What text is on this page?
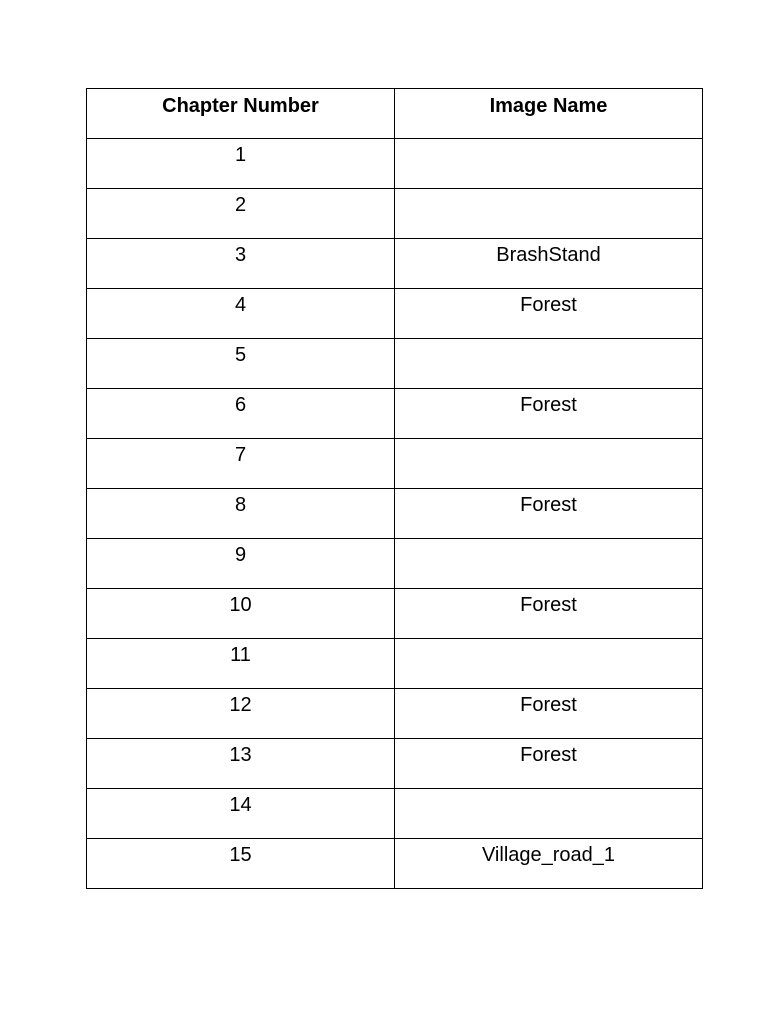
Chapter Number	Image Name
1	
2	
3	BrashStand
4	Forest
5	
6	Forest
7	
8	Forest
9	
10	Forest
11	
12	Forest
13	Forest
14	
15	Village_road_1
